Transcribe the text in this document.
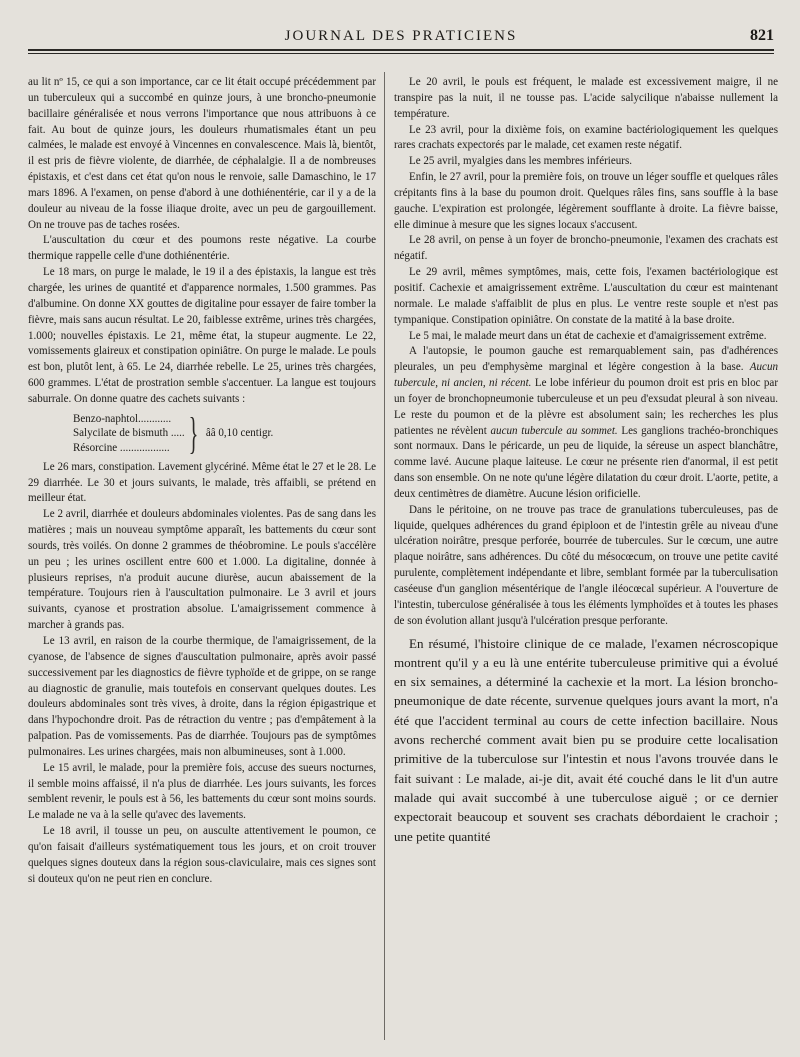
JOURNAL DES PRATICIENS	821

au lit nº 15, ce qui a son importance, car ce lit était occupé précédemment par un tuberculeux qui a succombé en quinze jours, à une broncho-pneumonie bacillaire généralisée et nous verrons l'importance que nous attribuons à ce fait. Au bout de quinze jours, les douleurs rhumatismales étant un peu calmées, le malade est envoyé à Vincennes en convalescence. Mais là, bientôt, il est pris de fièvre violente, de diarrhée, de céphalalgie. Il a de nombreuses épistaxis, et c'est dans cet état qu'on nous le renvoie, salle Damaschino, le 17 mars 1896. A l'examen, on pense d'abord à une dothiénentérie, car il y a de la douleur au niveau de la fosse iliaque droite, avec un peu de gargouillement. On ne trouve pas de taches rosées.

L'auscultation du cœur et des poumons reste négative. La courbe thermique rappelle celle d'une dothiénentérie.

Le 18 mars, on purge le malade, le 19 il a des épistaxis, la langue est très chargée, les urines de quantité et d'apparence normales, 1.500 grammes. Pas d'albumine. On donne XX gouttes de digitaline pour essayer de faire tomber la fièvre, mais sans aucun résultat. Le 20, faiblesse extrême, urines très chargées, 1.000; nouvelles épistaxis. Le 21, même état, la stupeur augmente. Le 22, vomissements glaireux et constipation opiniâtre. On purge le malade. Le pouls est bon, plutôt lent, à 65. Le 24, diarrhée rebelle. Le 25, urines très chargées, 600 grammes. L'état de prostration semble s'accentuer. La langue est toujours saburrale. On donne quatre des cachets suivants :

Benzo-naphtol............
Salycilate de bismuth .....
Résorcine .................. } ââ 0,10 centigr.

Le 26 mars, constipation. Lavement glycériné. Même état le 27 et le 28. Le 29 diarrhée. Le 30 et jours suivants, le malade, très affaibli, se prétend en meilleur état.

Le 2 avril, diarrhée et douleurs abdominales violentes. Pas de sang dans les matières ; mais un nouveau symptôme apparaît, les battements du cœur sont sourds, très voilés. On donne 2 grammes de théobromine. Le pouls s'accélère un peu ; les urines oscillent entre 600 et 1.000. La digitaline, donnée à plusieurs reprises, n'a produit aucune diurèse, aucun abaissement de la température. Toujours rien à l'auscultation pulmonaire. Le 3 avril et jours suivants, cyanose et prostration absolue. L'amaigrissement commence à marcher à grands pas.

Le 13 avril, en raison de la courbe thermique, de l'amaigrissement, de la cyanose, de l'absence de signes d'auscultation pulmonaire, après avoir passé successivement par les diagnostics de fièvre typhoïde et de grippe, on se range au diagnostic de granulie, mais toutefois en conservant quelques doutes. Les douleurs abdominales sont très vives, à droite, dans la région épigastrique et dans l'hypochondre droit. Pas de rétraction du ventre ; pas d'empâtement à la palpation. Pas de vomissements. Pas de diarrhée. Toujours pas de symptômes pulmonaires. Les urines chargées, mais non albumineuses, sont à 1.000.

Le 15 avril, le malade, pour la première fois, accuse des sueurs nocturnes, il semble moins affaissé, il n'a plus de diarrhée. Les jours suivants, les forces semblent revenir, le pouls est à 56, les battements du cœur sont moins sourds. Le malade ne va à la selle qu'avec des lavements.

Le 18 avril, il tousse un peu, on ausculte attentivement le poumon, ce qu'on faisait d'ailleurs systématiquement tous les jours, et on croit trouver quelques signes douteux dans la région sous-claviculaire, mais ces signes sont si douteux qu'on ne peut rien en conclure.

Le 20 avril, le pouls est fréquent, le malade est excessivement maigre, il ne transpire pas la nuit, il ne tousse pas. L'acide salycilique n'abaisse nullement la température.

Le 23 avril, pour la dixième fois, on examine bactériologiquement les quelques rares crachats expectorés par le malade, cet examen reste négatif.

Le 25 avril, myalgies dans les membres inférieurs.

Enfin, le 27 avril, pour la première fois, on trouve un léger souffle et quelques râles crépitants fins à la base du poumon droit. Quelques râles fins, sans souffle à la base gauche. L'expiration est prolongée, légèrement soufflante à droite. La fièvre baisse, elle diminue à mesure que les signes locaux s'accusent.

Le 28 avril, on pense à un foyer de broncho-pneumonie, l'examen des crachats est négatif.

Le 29 avril, mêmes symptômes, mais, cette fois, l'examen bactériologique est positif. Cachexie et amaigrissement extrême. L'auscultation du cœur est maintenant normale. Le malade s'affaiblit de plus en plus. Le ventre reste souple et n'est pas tympanique. Constipation opiniâtre. On constate de la matité à la base droite.

Le 5 mai, le malade meurt dans un état de cachexie et d'amaigrissement extrême.

A l'autopsie, le poumon gauche est remarquablement sain, pas d'adhérences pleurales, un peu d'emphysème marginal et légère congestion à la base. Aucun tubercule, ni ancien, ni récent. Le lobe inférieur du poumon droit est pris en bloc par un foyer de bronchopneumonie tuberculeuse et un peu d'exsudat pleural à son niveau. Le reste du poumon et de la plèvre est absolument sain; les recherches les plus patientes ne révèlent aucun tubercule au sommet. Les ganglions trachéo-bronchiques sont normaux. Dans le péricarde, un peu de liquide, la séreuse un aspect blanchâtre, comme lavé. Aucune plaque laiteuse. Le cœur ne présente rien d'anormal, il est petit dans son ensemble. On ne note qu'une légère dilatation du cœur droit. L'aorte, petite, a deux centimètres de diamètre. Aucune lésion orificielle.

Dans le péritoine, on ne trouve pas trace de granulations tuberculeuses, pas de liquide, quelques adhérences du grand épiploon et de l'intestin grêle au niveau d'une ulcération noirâtre, presque perforée, bourrée de tubercules. Sur le cœcum, une autre plaque noirâtre, sans adhérences. Du côté du mésocœcum, on trouve une petite cavité purulente, complètement indépendante et libre, semblant formée par la tuberculisation caséeuse d'un ganglion mésentérique de l'angle iléocœcal supérieur. A l'ouverture de l'intestin, tuberculose généralisée à tous les éléments lymphoïdes et à toutes les phases de son évolution allant jusqu'à l'ulcération presque perforante.

En résumé, l'histoire clinique de ce malade, l'examen nécroscopique montrent qu'il y a eu là une entérite tuberculeuse primitive qui a évolué en six semaines, a déterminé la cachexie et la mort. La lésion broncho-pneumonique de date récente, survenue quelques jours avant la mort, n'a été que l'accident terminal au cours de cette infection bacillaire. Nous avons recherché comment avait bien pu se produire cette localisation primitive de la tuberculose sur l'intestin et nous l'avons trouvée dans le fait suivant : Le malade, ai-je dit, avait été couché dans le lit d'un autre malade qui avait succombé à une tuberculose aiguë ; or ce dernier expectorait beaucoup et souvent ses crachats débordaient le crachoir ; une petite quantité
